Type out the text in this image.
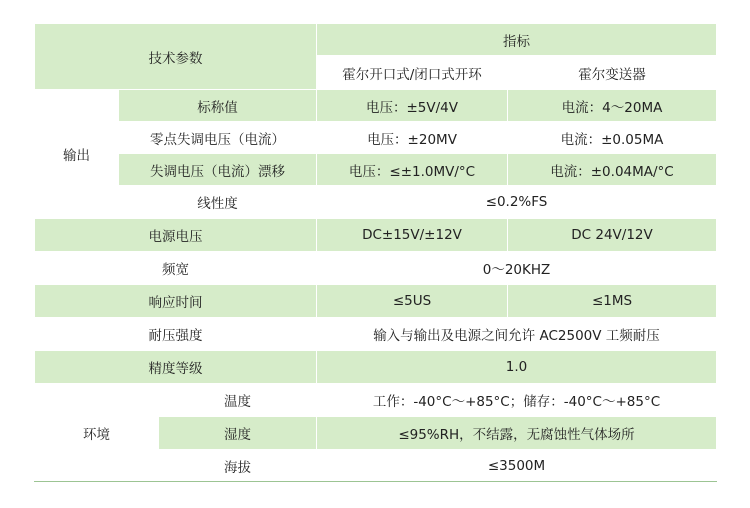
技术参数			指标	
			霍尔开口式/闭口式开环	霍尔变送器
输出	标称值		电压：±5V/4V	电流：4～20MA
	零点失调电压（电流）		电压：±20MV	电流：±0.05MA
	失调电压（电流）漂移		电压：≤±1.0MV/°C	电流：±0.04MA/°C
	线性度		≤0.2%FS	
电源电压			DC±15V/±12V	DC 24V/12V
频宽			0～20KHZ	
响应时间			≤5US	≤1MS
耐压强度			输入与输出及电源之间允许 AC2500V 工频耐压	
精度等级			1.0	
环境		温度	工作：-40°C～+85°C；储存：-40°C～+85°C	
		湿度	≤95%RH，不结露，无腐蚀性气体场所	
		海拔	≤3500M	
